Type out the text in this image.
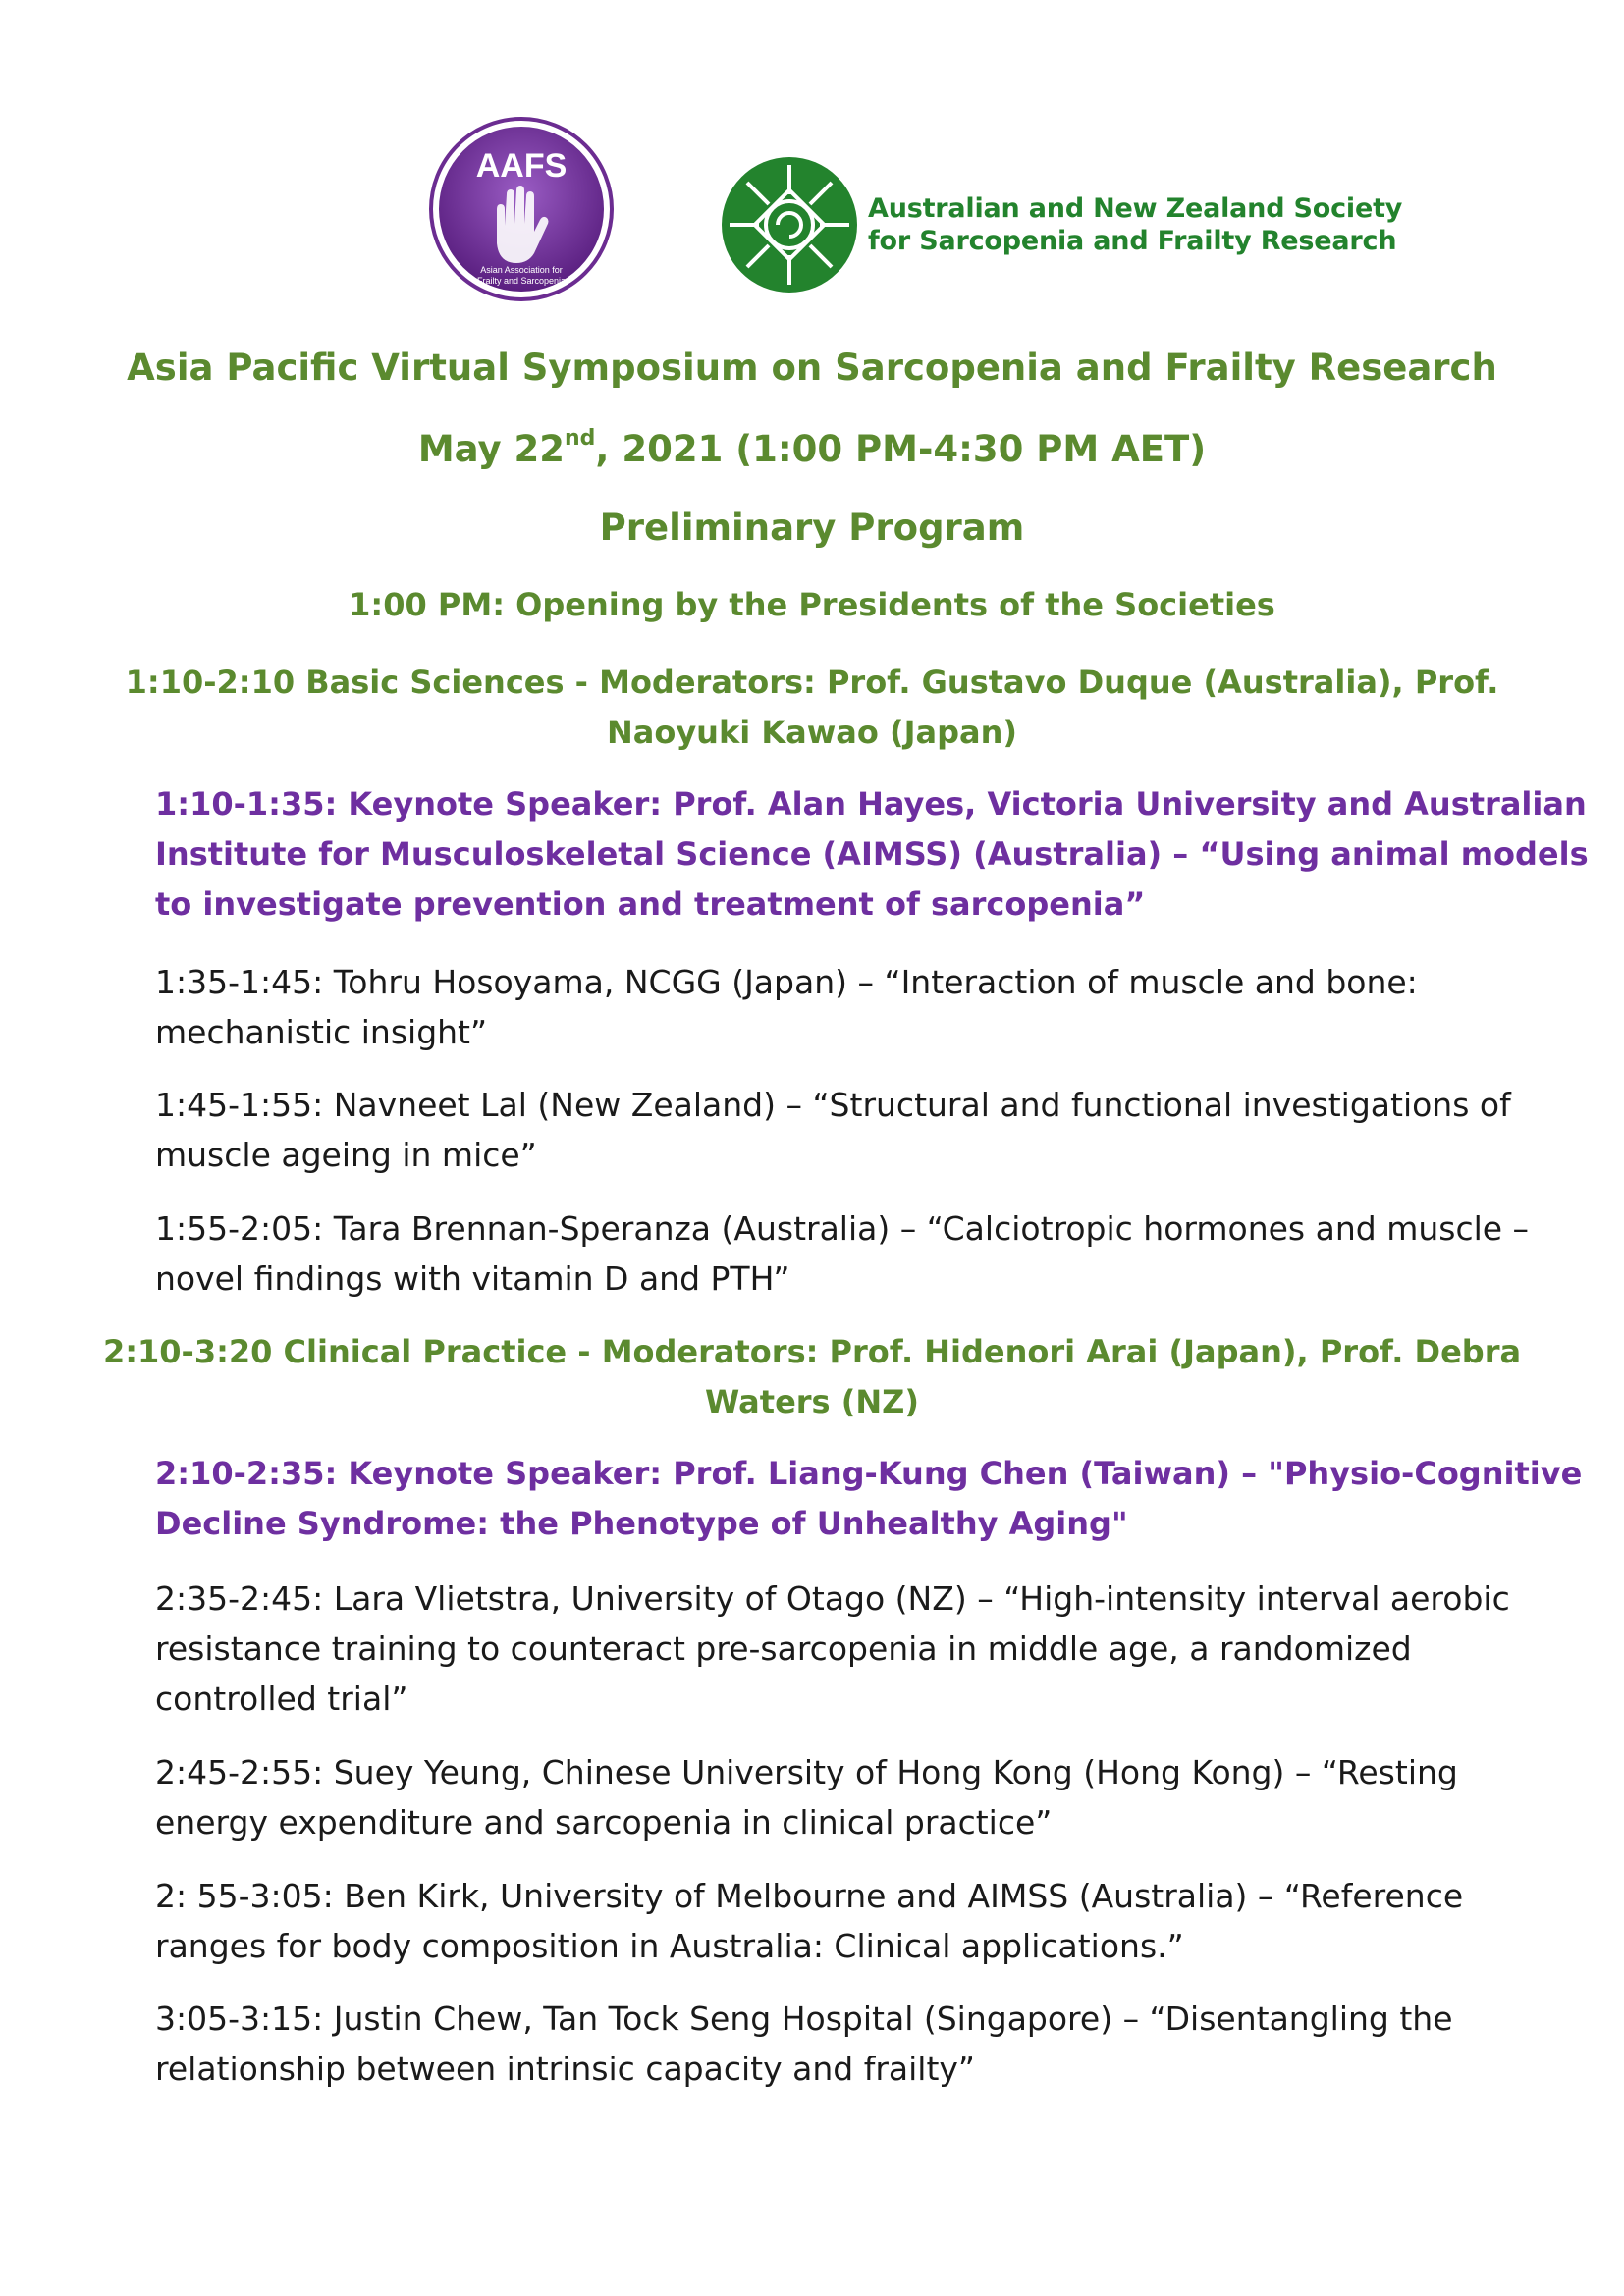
AAFS
Asian Association for
Frailty and Sarcopenia
Australian and New Zealand Society
for Sarcopenia and Frailty Research
Asia Pacific Virtual Symposium on Sarcopenia and Frailty Research
May 22nd, 2021 (1:00 PM-4:30 PM AET)
Preliminary Program
1:00 PM: Opening by the Presidents of the Societies
1:10-2:10 Basic Sciences - Moderators: Prof. Gustavo Duque (Australia), Prof.
Naoyuki Kawao (Japan)
1:10-1:35: Keynote Speaker: Prof. Alan Hayes, Victoria University and Australian
Institute for Musculoskeletal Science (AIMSS) (Australia) – “Using animal models
to investigate prevention and treatment of sarcopenia”
1:35-1:45: Tohru Hosoyama, NCGG (Japan) – “Interaction of muscle and bone:
mechanistic insight”
1:45-1:55: Navneet Lal (New Zealand) – “Structural and functional investigations of
muscle ageing in mice”
1:55-2:05: Tara Brennan-Speranza (Australia) – “Calciotropic hormones and muscle –
novel findings with vitamin D and PTH”
2:10-3:20 Clinical Practice - Moderators: Prof. Hidenori Arai (Japan), Prof. Debra
Waters (NZ)
2:10-2:35: Keynote Speaker: Prof. Liang-Kung Chen (Taiwan) – "Physio-Cognitive
Decline Syndrome: the Phenotype of Unhealthy Aging"
2:35-2:45: Lara Vlietstra, University of Otago (NZ) – “High-intensity interval aerobic
resistance training to counteract pre-sarcopenia in middle age, a randomized
controlled trial”
2:45-2:55: Suey Yeung, Chinese University of Hong Kong (Hong Kong) – “Resting
energy expenditure and sarcopenia in clinical practice”
2: 55-3:05: Ben Kirk, University of Melbourne and AIMSS (Australia) – “Reference
ranges for body composition in Australia: Clinical applications.”
3:05-3:15: Justin Chew, Tan Tock Seng Hospital (Singapore) – “Disentangling the
relationship between intrinsic capacity and frailty”
